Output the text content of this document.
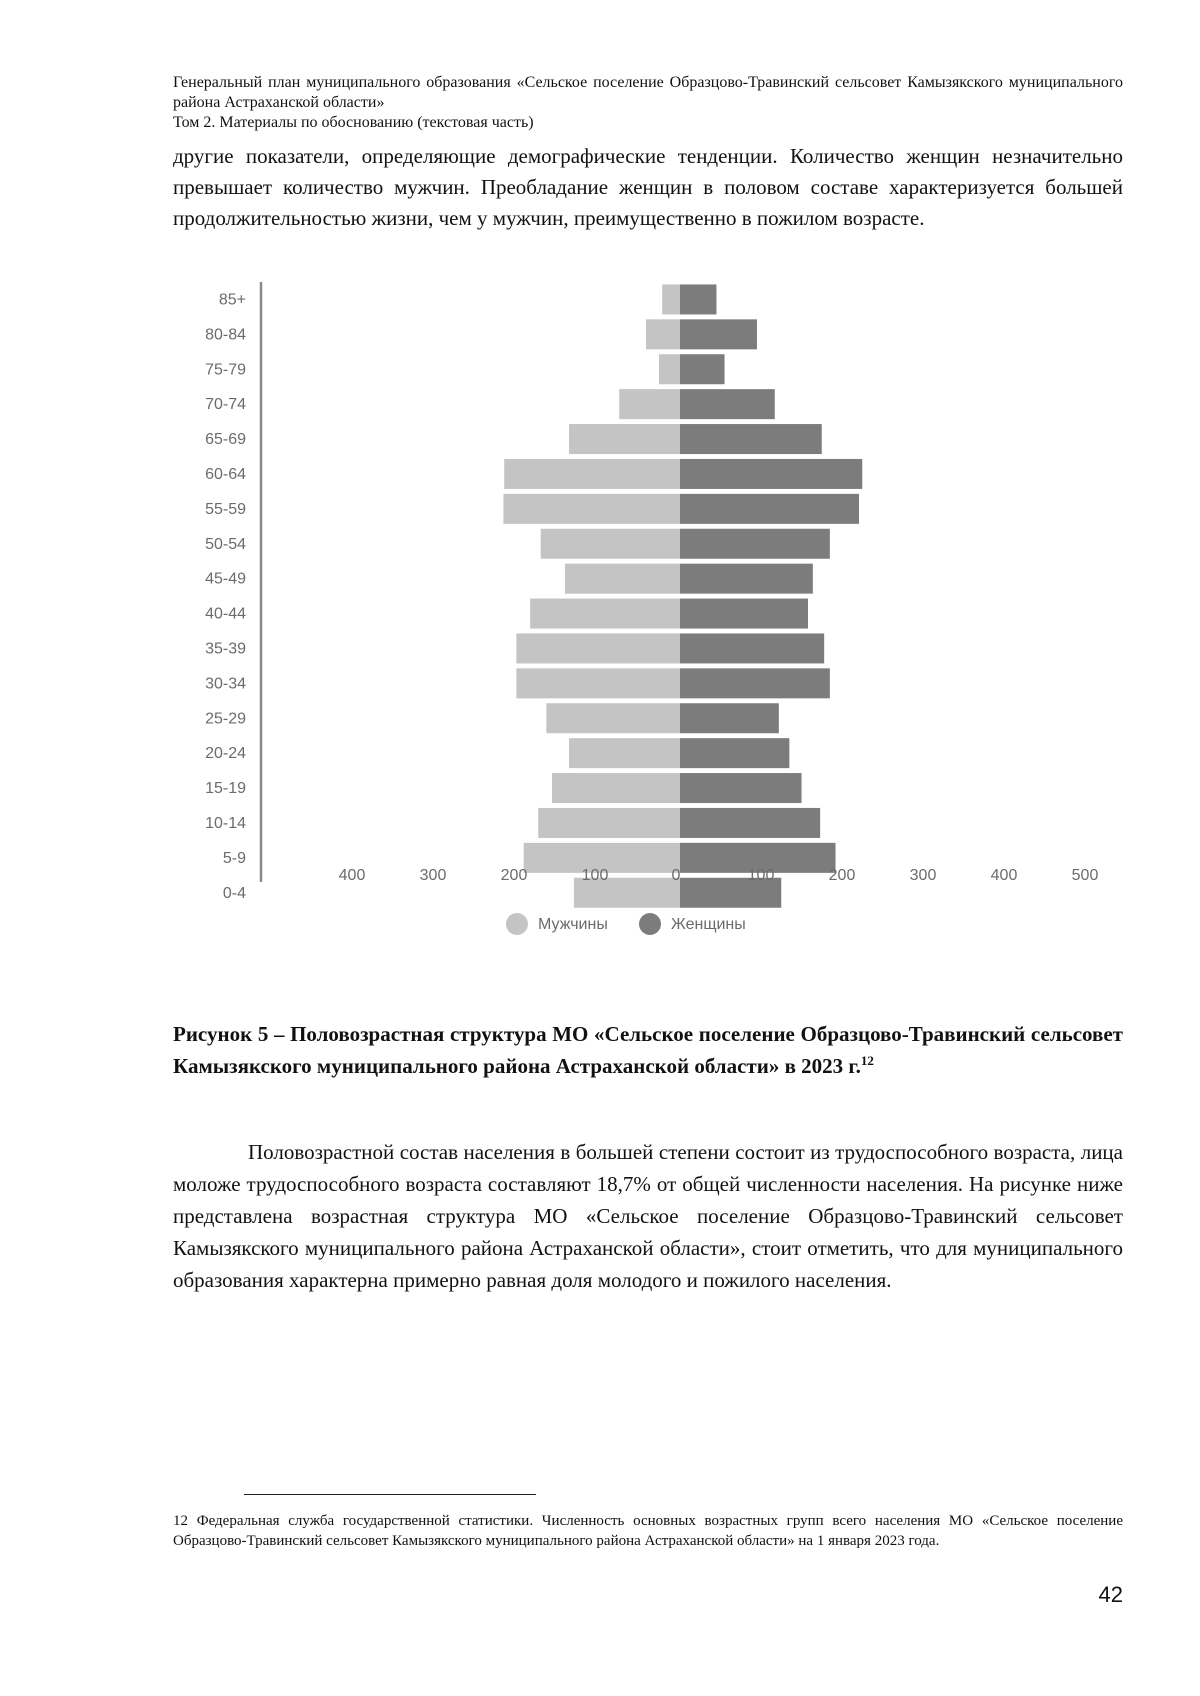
Генеральный план муниципального образования «Сельское поселение Образцово-Травинский сельсовет Камызякского муниципального района Астраханской области»
Том 2. Материалы по обоснованию (текстовая часть)

другие показатели, определяющие демографические тенденции. Количество женщин незначительно превышает количество мужчин. Преобладание женщин в половом составе характеризуется большей продолжительностью жизни, чем у мужчин, преимущественно в пожилом возрасте.

85+
80-84
75-79
70-74
65-69
60-64
55-59
50-54
45-49
40-44
35-39
30-34
25-29
20-24
15-19
10-14
5-9
0-4
400	300	200	100	0	100	200	300	400	500
Мужчины	Женщины

Рисунок 5 – Половозрастная структура МО «Сельское поселение Образцово-Травинский сельсовет Камызякского муниципального района Астраханской области» в 2023 г.$^{12}$

Половозрастной состав населения в большей степени состоит из трудоспособного возраста, лица моложе трудоспособного возраста составляют 18,7% от общей численности населения. На рисунке ниже представлена возрастная структура МО «Сельское поселение Образцово-Травинский сельсовет Камызякского муниципального района Астраханской области», стоит отметить, что для муниципального образования характерна примерно равная доля молодого и пожилого населения.

12 Федеральная служба государственной статистики. Численность основных возрастных групп всего населения МО «Сельское поселение Образцово-Травинский сельсовет Камызякского муниципального района Астраханской области» на 1 января 2023 года.

42
